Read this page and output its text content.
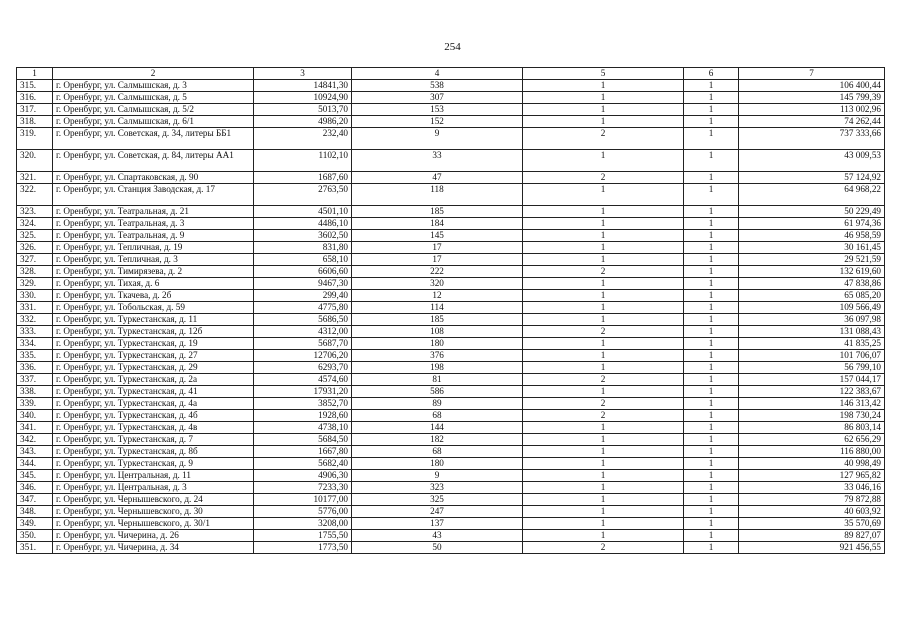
254
1	2	3	4	5	6	7
315.	г. Оренбург, ул. Салмышская, д. 3	14841,30	538	1	1	106 400,44
316.	г. Оренбург, ул. Салмышская, д. 5	10924,90	307	1	1	145 799,39
317.	г. Оренбург, ул. Салмышская, д. 5/2	5013,70	153	1	1	113 002,96
318.	г. Оренбург, ул. Салмышская, д. 6/1	4986,20	152	1	1	74 262,44
319.	г. Оренбург, ул. Советская, д. 34, литеры ББ1	232,40	9	2	1	737 333,66
320.	г. Оренбург, ул. Советская, д. 84, литеры АА1	1102,10	33	1	1	43 009,53
321.	г. Оренбург, ул. Спартаковская, д. 90	1687,60	47	2	1	57 124,92
322.	г. Оренбург, ул. Станция Заводская, д. 17	2763,50	118	1	1	64 968,22
323.	г. Оренбург, ул. Театральная, д. 21	4501,10	185	1	1	50 229,49
324.	г. Оренбург, ул. Театральная, д. 3	4486,10	184	1	1	61 974,36
325.	г. Оренбург, ул. Театральная, д. 9	3602,50	145	1	1	46 958,59
326.	г. Оренбург, ул. Тепличная, д. 19	831,80	17	1	1	30 161,45
327.	г. Оренбург, ул. Тепличная, д. 3	658,10	17	1	1	29 521,59
328.	г. Оренбург, ул. Тимирязева, д. 2	6606,60	222	2	1	132 619,60
329.	г. Оренбург, ул. Тихая, д. 6	9467,30	320	1	1	47 838,86
330.	г. Оренбург, ул. Ткачева, д. 2б	299,40	12	1	1	65 085,20
331.	г. Оренбург, ул. Тобольская, д. 59	4775,80	114	1	1	109 566,49
332.	г. Оренбург, ул. Туркестанская, д. 11	5686,50	185	1	1	36 097,98
333.	г. Оренбург, ул. Туркестанская, д. 12б	4312,00	108	2	1	131 088,43
334.	г. Оренбург, ул. Туркестанская, д. 19	5687,70	180	1	1	41 835,25
335.	г. Оренбург, ул. Туркестанская, д. 27	12706,20	376	1	1	101 706,07
336.	г. Оренбург, ул. Туркестанская, д. 29	6293,70	198	1	1	56 799,10
337.	г. Оренбург, ул. Туркестанская, д. 2а	4574,60	81	2	1	157 044,17
338.	г. Оренбург, ул. Туркестанская, д. 41	17931,20	586	1	1	122 383,67
339.	г. Оренбург, ул. Туркестанская, д. 4а	3852,70	89	2	1	146 313,42
340.	г. Оренбург, ул. Туркестанская, д. 4б	1928,60	68	2	1	198 730,24
341.	г. Оренбург, ул. Туркестанская, д. 4в	4738,10	144	1	1	86 803,14
342.	г. Оренбург, ул. Туркестанская, д. 7	5684,50	182	1	1	62 656,29
343.	г. Оренбург, ул. Туркестанская, д. 8б	1667,80	68	1	1	116 880,00
344.	г. Оренбург, ул. Туркестанская, д. 9	5682,40	180	1	1	40 998,49
345.	г. Оренбург, ул. Центральная, д. 11	4906,30	9	1	1	127 965,82
346.	г. Оренбург, ул. Центральная, д. 3	7233,30	323	1	1	33 046,16
347.	г. Оренбург, ул. Чернышевского, д. 24	10177,00	325	1	1	79 872,88
348.	г. Оренбург, ул. Чернышевского, д. 30	5776,00	247	1	1	40 603,92
349.	г. Оренбург, ул. Чернышевского, д. 30/1	3208,00	137	1	1	35 570,69
350.	г. Оренбург, ул. Чичерина, д. 26	1755,50	43	1	1	89 827,07
351.	г. Оренбург, ул. Чичерина, д. 34	1773,50	50	2	1	921 456,55
